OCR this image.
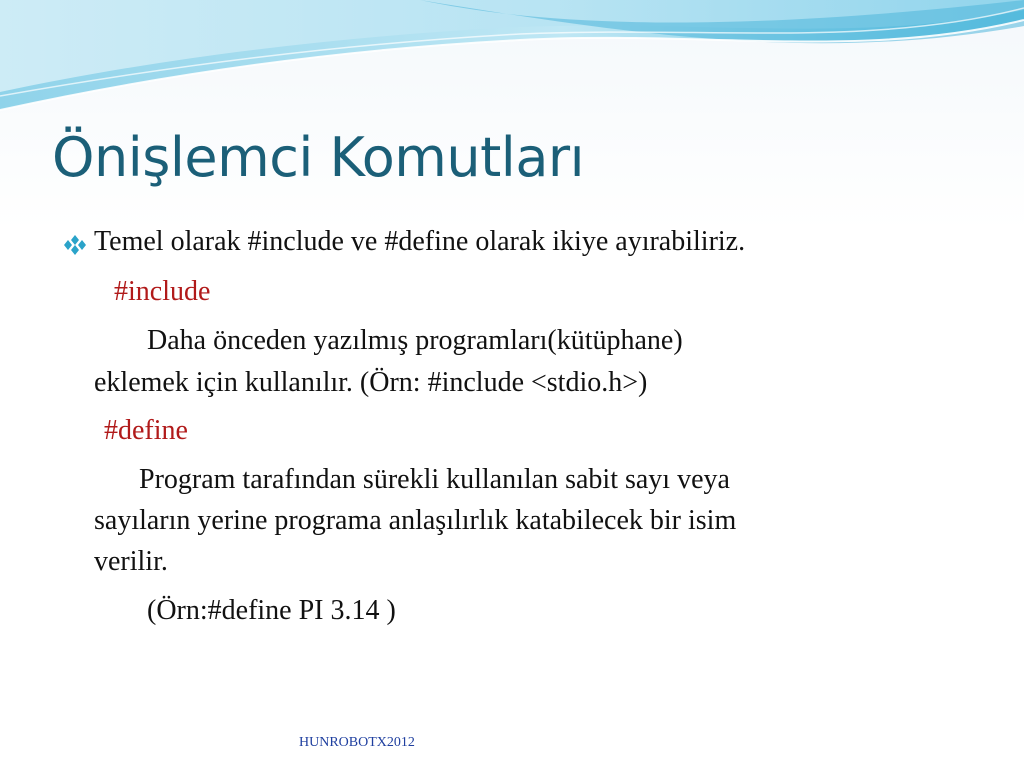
Önişlemci Komutları
Temel olarak #include ve #define olarak ikiye ayırabiliriz.
#include
Daha önceden yazılmış programları(kütüphane)
eklemek için kullanılır. (Örn: #include <stdio.h>)
#define
Program tarafından sürekli kullanılan sabit sayı veya
sayıların yerine programa anlaşılırlık katabilecek bir isim
verilir.
(Örn:#define PI 3.14 )
HUNROBOTX2012
